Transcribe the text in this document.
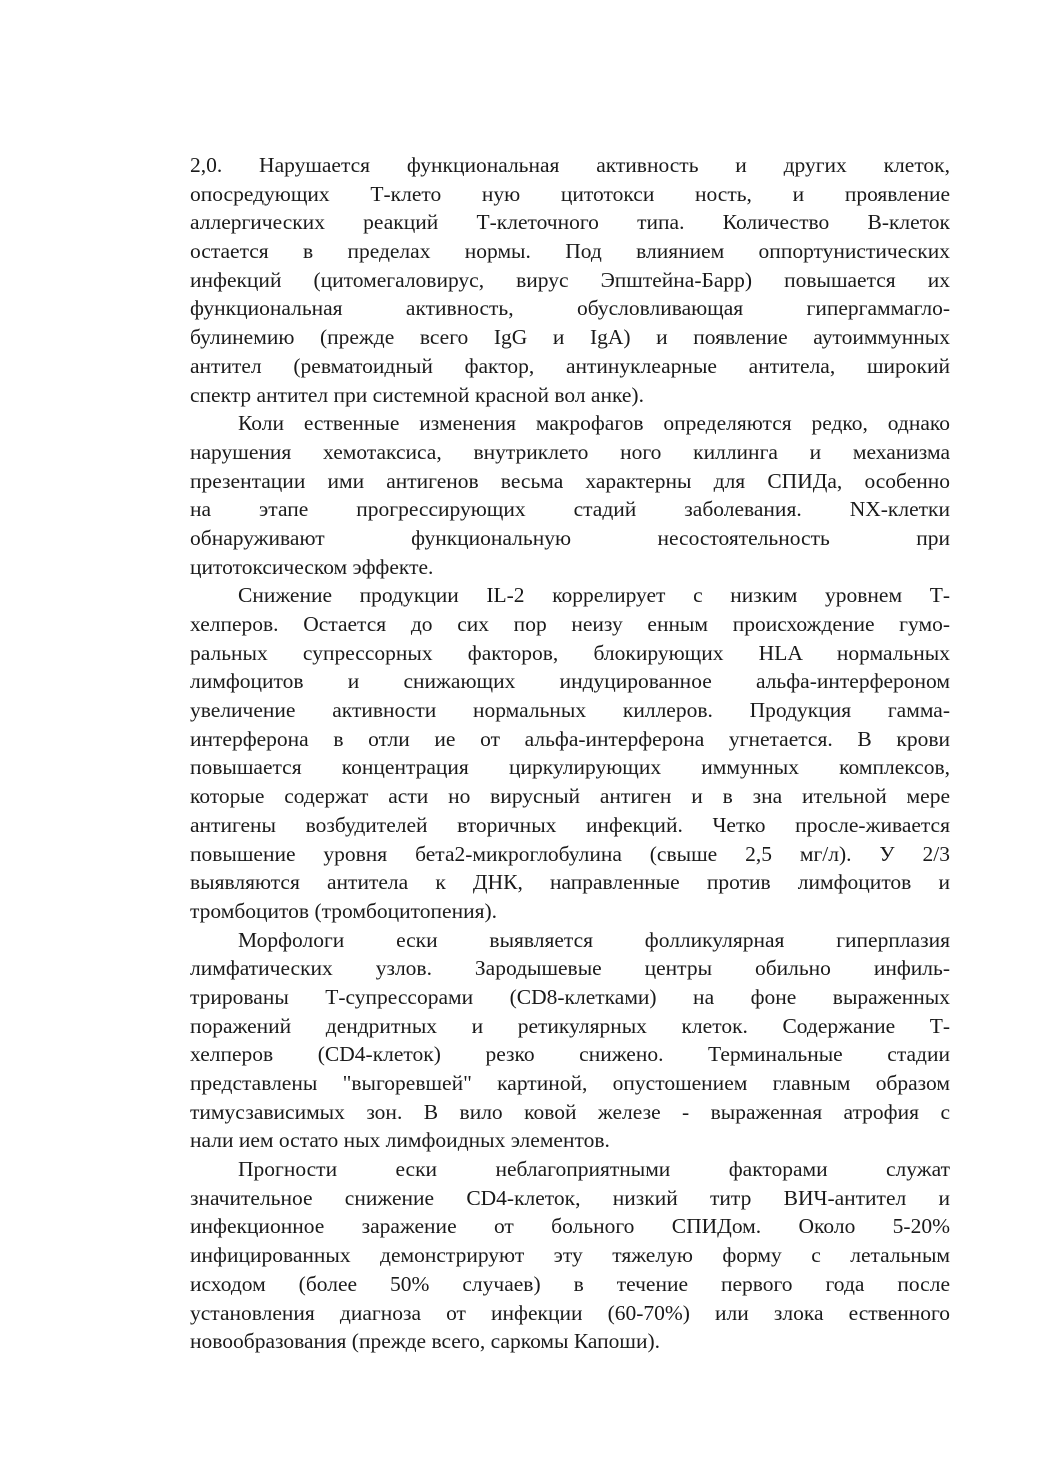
2,0. Нарушается функциональная активность и других клеток,
опосредующих Т-клето ную цитотокси ность, и проявление
аллергических реакций Т-клеточного типа. Количество В-клеток
остается в пределах нормы. Под влиянием оппортунистических
инфекций (цитомегаловирус, вирус Эпштейна-Барр) повышается их
функциональная активность, обусловливающая гипергаммагло-
булинемию (прежде всего IgG и IgA) и появление аутоиммунных
антител (ревматоидный фактор, антинуклеарные антитела, широкий
спектр антител при системной красной вол анке).
Коли ественные изменения макрофагов определяются редко, однако
нарушения хемотаксиса, внутриклето ного киллинга и механизма
презентации ими антигенов весьма характерны для СПИДа, особенно
на этапе прогрессирующих стадий заболевания. NX-клетки
обнаруживают функциональную несостоятельность при
цитотоксическом эффекте.
Снижение продукции IL-2 коррелирует с низким уровнем Т-
хелперов. Остается до сих пор неизу енным происхождение гумо-
ральных супрессорных факторов, блокирующих HLA нормальных
лимфоцитов и снижающих индуцированное альфа-интерфероном
увеличение активности нормальных киллеров. Продукция гамма-
интерферона в отли ие от альфа-интерферона угнетается. В крови
повышается концентрация циркулирующих иммунных комплексов,
которые содержат асти но вирусный антиген и в зна ительной мере
антигены возбудителей вторичных инфекций. Четко просле-живается
повышение уровня бета2-микроглобулина (свыше 2,5 мг/л). У 2/3
выявляются антитела к ДНК, направленные против лимфоцитов и
тромбоцитов (тромбоцитопения).
Морфологи ески выявляется фолликулярная гиперплазия
лимфатических узлов. Зародышевые центры обильно инфиль-
трированы Т-супрессорами (CD8-клетками) на фоне выраженных
поражений дендритных и ретикулярных клеток. Содержание Т-
хелперов (CD4-клеток) резко снижено. Терминальные стадии
представлены "выгоревшей" картиной, опустошением главным образом
тимусзависимых зон. В вило ковой железе - выраженная атрофия с
нали ием остато ных лимфоидных элементов.
Прогности ески неблагоприятными факторами служат
значительное снижение CD4-клеток, низкий титр ВИЧ-антител и
инфекционное заражение от больного СПИДом. Около 5-20%
инфицированных демонстрируют эту тяжелую форму с летальным
исходом (более 50% случаев) в течение первого года после
установления диагноза от инфекции (60-70%) или злока ественного
новообразования (прежде всего, саркомы Капоши).
